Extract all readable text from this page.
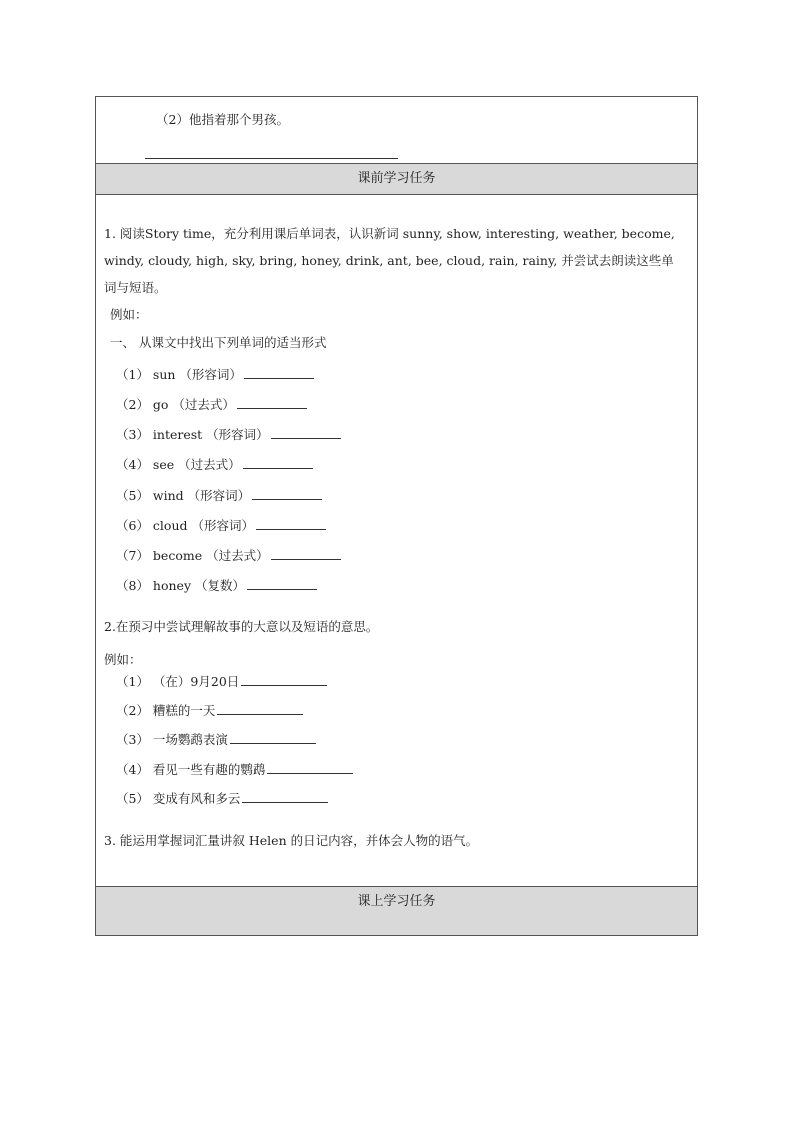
（2）他指着那个男孩。
课前学习任务
1. 阅读Story time，充分利用课后单词表，认识新词 sunny, show, interesting, weather, become,
windy, cloudy, high, sky, bring, honey, drink, ant, bee, cloud, rain, rainy, 并尝试去朗读这些单
词与短语。
例如：
一、 从课文中找出下列单词的适当形式
（1） sun （形容词）
（2） go （过去式）
（3） interest （形容词）
（4） see （过去式）
（5） wind （形容词）
（6） cloud （形容词）
（7） become （过去式）
（8） honey （复数）
2.在预习中尝试理解故事的大意以及短语的意思。
例如：
（1） （在）9月20日
（2） 糟糕的一天
（3） 一场鹦鹉表演
（4） 看见一些有趣的鹦鹉
（5） 变成有风和多云
3. 能运用掌握词汇量讲叙 Helen 的日记内容，并体会人物的语气。
课上学习任务
